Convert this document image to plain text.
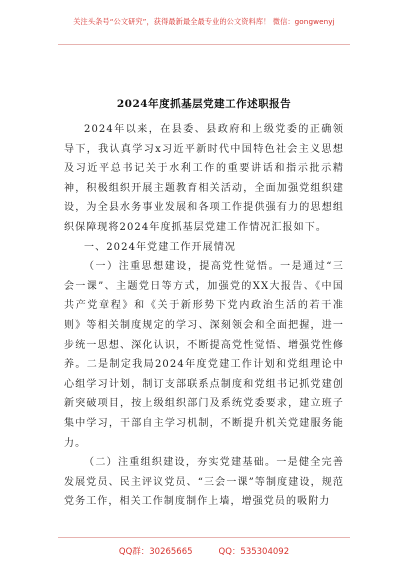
关注头条号“公文研究”，获得最新最全最专业的公文资料库！ 微信：gongwenyj
2024年度抓基层党建工作述职报告

2024年以来，在县委、县政府和上级党委的正确领导下，我认真学习x习近平新时代中国特色社会主义思想及习近平总书记关于水利工作的重要讲话和指示批示精神，积极组织开展主题教育相关活动，全面加强党组织建设，为全县水务事业发展和各项工作提供强有力的思想组织保障现将2024年度抓基层党建工作情况汇报如下。

一、2024年党建工作开展情况

（一）注重思想建设，提高党性觉悟。一是通过“三会一课”、主题党日等方式，加强党的XX大报告、《中国共产党章程》和《关于新形势下党内政治生活的若干准则》等相关制度规定的学习、深刻领会和全面把握，进一步统一思想、深化认识，不断提高党性觉悟、增强党性修养。二是制定我局2024年度党建工作计划和党组理论中心组学习计划，制订支部联系点制度和党组书记抓党建创新突破项目，按上级组织部门及系统党委要求，建立班子集中学习，干部自主学习机制，不断提升机关党建服务能力。

（二）注重组织建设，夯实党建基础。一是健全完善发展党员、民主评议党员、“三会一课”等制度建设，规范党务工作，相关工作制度制作上墙，增强党员的吸附力

QQ群：30265665	QQ：535304092
